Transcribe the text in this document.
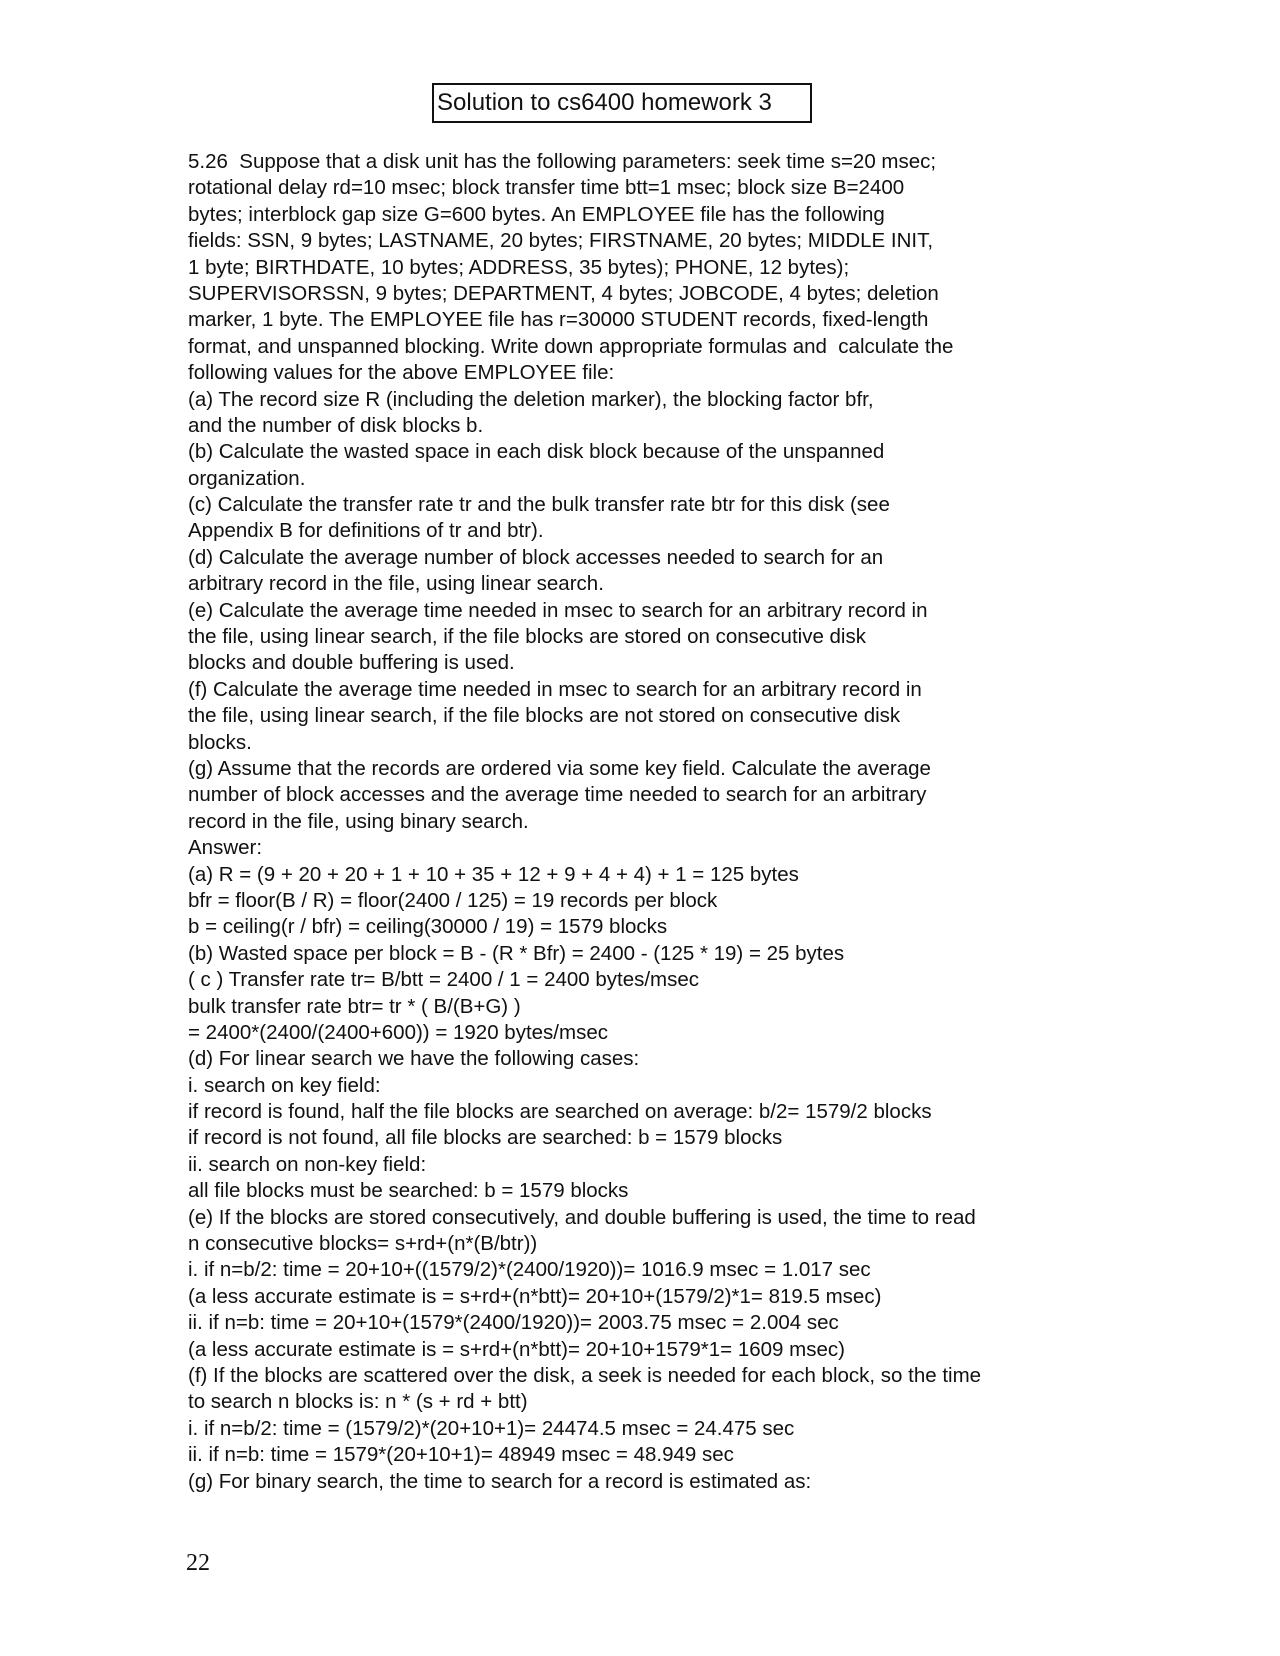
Solution to cs6400 homework 3
5.26  Suppose that a disk unit has the following parameters: seek time s=20 msec;
rotational delay rd=10 msec; block transfer time btt=1 msec; block size B=2400
bytes; interblock gap size G=600 bytes. An EMPLOYEE file has the following
fields: SSN, 9 bytes; LASTNAME, 20 bytes; FIRSTNAME, 20 bytes; MIDDLE INIT,
1 byte; BIRTHDATE, 10 bytes; ADDRESS, 35 bytes); PHONE, 12 bytes);
SUPERVISORSSN, 9 bytes; DEPARTMENT, 4 bytes; JOBCODE, 4 bytes; deletion
marker, 1 byte. The EMPLOYEE file has r=30000 STUDENT records, fixed-length
format, and unspanned blocking. Write down appropriate formulas and  calculate the
following values for the above EMPLOYEE file:
(a) The record size R (including the deletion marker), the blocking factor bfr,
and the number of disk blocks b.
(b) Calculate the wasted space in each disk block because of the unspanned
organization.
(c) Calculate the transfer rate tr and the bulk transfer rate btr for this disk (see
Appendix B for definitions of tr and btr).
(d) Calculate the average number of block accesses needed to search for an
arbitrary record in the file, using linear search.
(e) Calculate the average time needed in msec to search for an arbitrary record in
the file, using linear search, if the file blocks are stored on consecutive disk
blocks and double buffering is used.
(f) Calculate the average time needed in msec to search for an arbitrary record in
the file, using linear search, if the file blocks are not stored on consecutive disk
blocks.
(g) Assume that the records are ordered via some key field. Calculate the average
number of block accesses and the average time needed to search for an arbitrary
record in the file, using binary search.
Answer:
(a) R = (9 + 20 + 20 + 1 + 10 + 35 + 12 + 9 + 4 + 4) + 1 = 125 bytes
bfr = floor(B / R) = floor(2400 / 125) = 19 records per block
b = ceiling(r / bfr) = ceiling(30000 / 19) = 1579 blocks
(b) Wasted space per block = B - (R * Bfr) = 2400 - (125 * 19) = 25 bytes
( c ) Transfer rate tr= B/btt = 2400 / 1 = 2400 bytes/msec
bulk transfer rate btr= tr * ( B/(B+G) )
= 2400*(2400/(2400+600)) = 1920 bytes/msec
(d) For linear search we have the following cases:
i. search on key field:
if record is found, half the file blocks are searched on average: b/2= 1579/2 blocks
if record is not found, all file blocks are searched: b = 1579 blocks
ii. search on non-key field:
all file blocks must be searched: b = 1579 blocks
(e) If the blocks are stored consecutively, and double buffering is used, the time to read
n consecutive blocks= s+rd+(n*(B/btr))
i. if n=b/2: time = 20+10+((1579/2)*(2400/1920))= 1016.9 msec = 1.017 sec
(a less accurate estimate is = s+rd+(n*btt)= 20+10+(1579/2)*1= 819.5 msec)
ii. if n=b: time = 20+10+(1579*(2400/1920))= 2003.75 msec = 2.004 sec
(a less accurate estimate is = s+rd+(n*btt)= 20+10+1579*1= 1609 msec)
(f) If the blocks are scattered over the disk, a seek is needed for each block, so the time
to search n blocks is: n * (s + rd + btt)
i. if n=b/2: time = (1579/2)*(20+10+1)= 24474.5 msec = 24.475 sec
ii. if n=b: time = 1579*(20+10+1)= 48949 msec = 48.949 sec
(g) For binary search, the time to search for a record is estimated as:
22
